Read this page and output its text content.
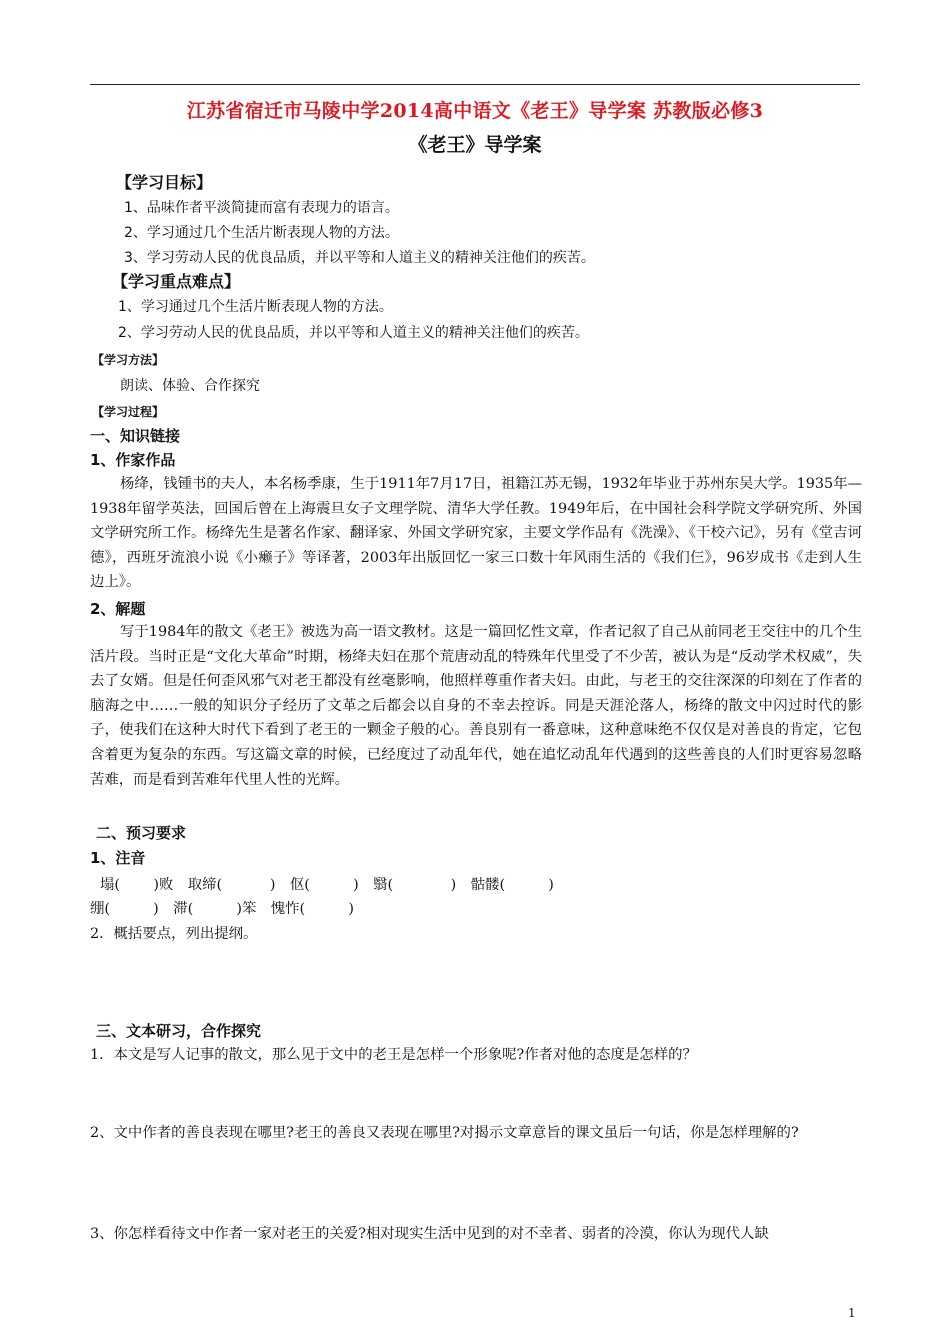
江苏省宿迁市马陵中学2014高中语文《老王》导学案 苏教版必修3
《老王》导学案
【学习目标】
1、品味作者平淡简捷而富有表现力的语言。
2、学习通过几个生活片断表现人物的方法。
3、学习劳动人民的优良品质，并以平等和人道主义的精神关注他们的疾苦。
【学习重点难点】
1、学习通过几个生活片断表现人物的方法。
2、学习劳动人民的优良品质，并以平等和人道主义的精神关注他们的疾苦。
【学习方法】
朗读、体验、合作探究
【学习过程】
一、知识链接
1、作家作品
杨绛，钱锺书的夫人，本名杨季康，生于1911年7月17日，祖籍江苏无锡，1932年毕业于苏州东吴大学。1935年—1938年留学英法，回国后曾在上海震旦女子文理学院、清华大学任教。1949年后，在中国社会科学院文学研究所、外国文学研究所工作。杨绛先生是著名作家、翻译家、外国文学研究家，主要文学作品有《洗澡》、《干校六记》，另有《堂吉诃德》，西班牙流浪小说《小癞子》等译著，2003年出版回忆一家三口数十年风雨生活的《我们仨》，96岁成书《走到人生边上》。
2、解题
写于1984年的散文《老王》被选为高一语文教材。这是一篇回忆性文章，作者记叙了自己从前同老王交往中的几个生活片段。当时正是“文化大革命”时期，杨绛夫妇在那个荒唐动乱的特殊年代里受了不少苦，被认为是“反动学术权威”，失去了女婿。但是任何歪风邪气对老王都没有丝毫影响，他照样尊重作者夫妇。由此，与老王的交往深深的印刻在了作者的脑海之中……一般的知识分子经历了文革之后都会以自身的不幸去控诉。同是天涯沦落人，杨绛的散文中闪过时代的影子，使我们在这种大时代下看到了老王的一颗金子般的心。善良别有一番意味，这种意味绝不仅仅是对善良的肯定，它包含着更为复杂的东西。写这篇文章的时候，已经度过了动乱年代，她在追忆动乱年代遇到的这些善良的人们时更容易忽略苦难，而是看到苦难年代里人性的光辉。
二、预习要求
1、注音
塌(　　 )败　取缔(　　　 )　伛(　　　)　翳(　　　　)　骷髅(　　　)
绷(　　　)　滞(　　　)笨　愧怍(　　　)
2．概括要点，列出提纲。
三、文本研习，合作探究
1．本文是写人记事的散文，那么见于文中的老王是怎样一个形象呢?作者对他的态度是怎样的？
2、文中作者的善良表现在哪里?老王的善良又表现在哪里?对揭示文章意旨的课文虽后一句话，你是怎样理解的?
3、你怎样看待文中作者一家对老王的关爱?相对现实生活中见到的对不幸者、弱者的冷漠，你认为现代人缺
1
